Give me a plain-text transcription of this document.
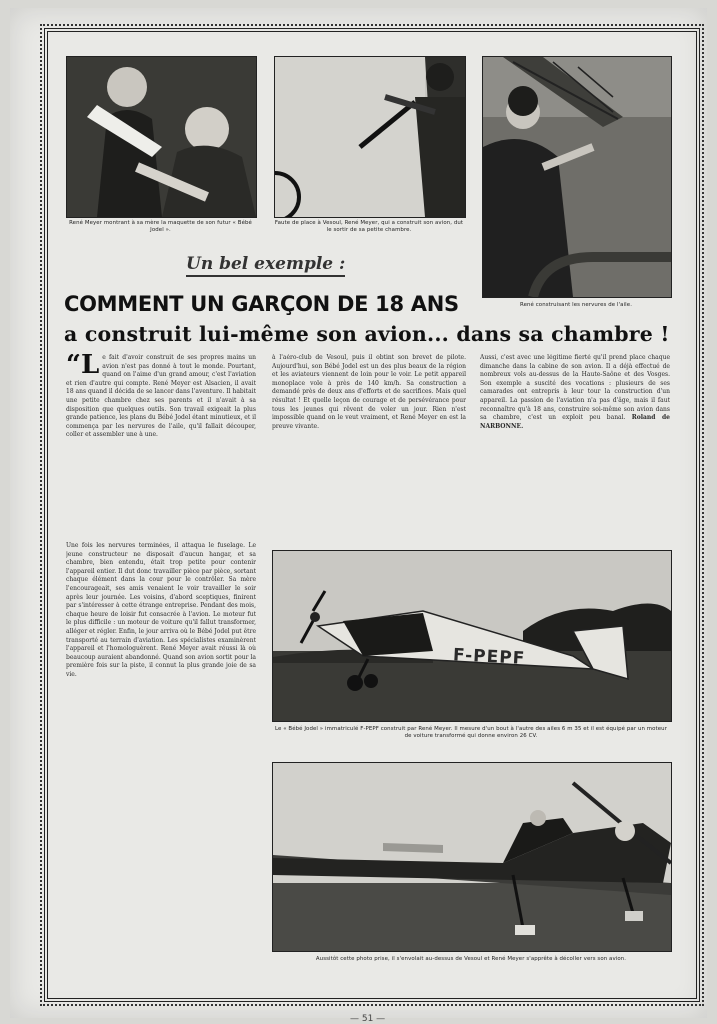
René Meyer montrant à sa mère la maquette de son futur « Bébé Jodel ».
Faute de place à Vesoul, René Meyer, qui a construit son avion, dut le sortir de sa petite chambre.
René construisant les nervures de l'aile.
Un bel exemple :
COMMENT UN GARÇON DE 18 ANS
a construit lui-même son avion... dans sa chambre !
“L e fait d'avoir construit de ses propres mains un avion n'est pas donné à tout le monde. Pourtant, quand on l'aime d'un grand amour, c'est l'aviation et rien d'autre qui compte. René Meyer est Alsacien, il avait 18 ans quand il décida de se lancer dans l'aventure. Il habitait une petite chambre chez ses parents et il n'avait à sa disposition que quelques outils. Son travail exigeait la plus grande patience, les plans du Bébé Jodel étant minutieux, et il commença par les nervures de l'aile, qu'il fallait découper, coller et assembler une à une.
Une fois les nervures terminées, il attaqua le fuselage. Le jeune constructeur ne disposait d'aucun hangar, et sa chambre, bien entendu, était trop petite pour contenir l'appareil entier. Il dut donc travailler pièce par pièce, sortant chaque élément dans la cour pour le contrôler. Sa mère l'encourageait, ses amis venaient le voir travailler le soir après leur journée. Les voisins, d'abord sceptiques, finirent par s'intéresser à cette étrange entreprise. Pendant des mois, chaque heure de loisir fut consacrée à l'avion. Le moteur fut le plus difficile : un moteur de voiture qu'il fallut transformer, alléger et régler. Enfin, le jour arriva où le Bébé Jodel put être transporté au terrain d'aviation. Les spécialistes examinèrent l'appareil et l'homologuèrent. René Meyer avait réussi là où beaucoup auraient abandonné. Quand son avion sortit pour la première fois sur la piste, il connut la plus grande joie de sa vie.
à l'aéro-club de Vesoul, puis il obtint son brevet de pilote. Aujourd'hui, son Bébé Jodel est un des plus beaux de la région et les aviateurs viennent de loin pour le voir. Le petit appareil monoplace vole à près de 140 km/h. Sa construction a demandé près de deux ans d'efforts et de sacrifices. Mais quel résultat ! Et quelle leçon de courage et de persévérance pour tous les jeunes qui rêvent de voler un jour. Rien n'est impossible quand on le veut vraiment, et René Meyer en est la preuve vivante.
Aussi, c'est avec une légitime fierté qu'il prend place chaque dimanche dans la cabine de son avion. Il a déjà effectué de nombreux vols au-dessus de la Haute-Saône et des Vosges. Son exemple a suscité des vocations : plusieurs de ses camarades ont entrepris à leur tour la construction d'un appareil. La passion de l'aviation n'a pas d'âge, mais il faut reconnaître qu'à 18 ans, construire soi-même son avion dans sa chambre, c'est un exploit peu banal. Roland de NARBONNE.
F-PEPF
Le « Bébé Jodel » immatriculé F-PEPF construit par René Meyer. Il mesure d'un bout à l'autre des ailes 6 m 35 et il est équipé par un moteur de voiture transformé qui donne environ 26 CV.
Aussitôt cette photo prise, il s'envolait au-dessus de Vesoul et René Meyer s'apprête à décoller vers son avion.
— 51 —
